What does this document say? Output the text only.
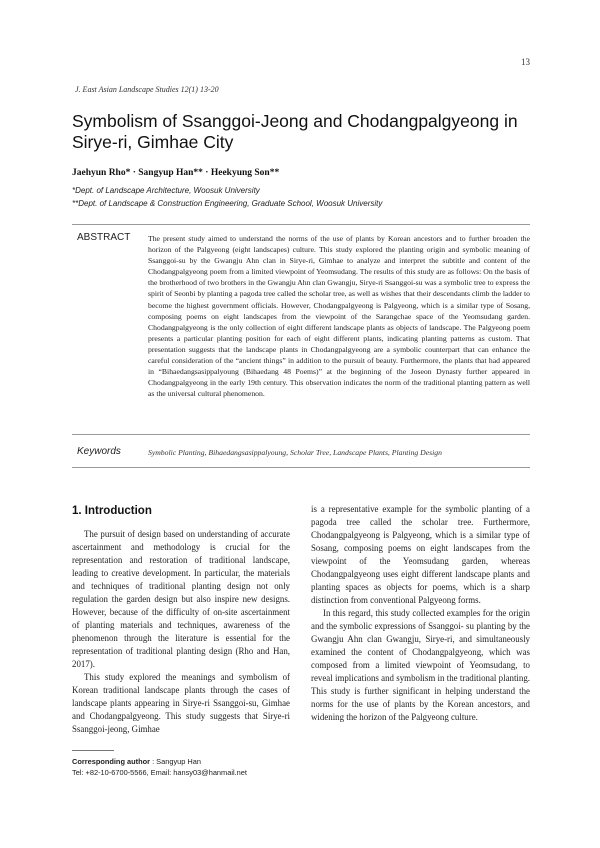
13
J. East Asian Landscape Studies 12(1) 13-20
Symbolism of Ssanggoi-Jeong and Chodangpalgyeong in Sirye-ri, Gimhae City
Jaehyun Rho* · Sangyup Han** · Heekyung Son**
*Dept. of Landscape Architecture, Woosuk University
**Dept. of Landscape & Construction Engineering, Graduate School, Woosuk University
ABSTRACT The present study aimed to understand the norms of the use of plants by Korean ancestors and to further broaden the horizon of the Palgyeong (eight landscapes) culture. This study explored the planting origin and symbolic meaning of Ssanggoi-su by the Gwangju Ahn clan in Sirye-ri, Gimhae to analyze and interpret the subtitle and content of the Chodangpalgyeong poem from a limited viewpoint of Yeomsudang. The results of this study are as follows: On the basis of the brotherhood of two brothers in the Gwangju Ahn clan Gwangju, Sirye-ri Ssanggoi-su was a symbolic tree to express the spirit of Seonbi by planting a pagoda tree called the scholar tree, as well as wishes that their descendants climb the ladder to become the highest government officials. However, Chodangpalgyeong is Palgyeong, which is a similar type of Sosang, composing poems on eight landscapes from the viewpoint of the Sarangchae space of the Yeomsudang garden. Chodangpalgyeong is the only collection of eight different landscape plants as objects of landscape. The Palgyeong poem presents a particular planting position for each of eight different plants, indicating planting patterns as custom. That presentation suggests that the landscape plants in Chodangpalgyeong are a symbolic counterpart that can enhance the careful consideration of the “ancient things” in addition to the pursuit of beauty. Furthermore, the plants that had appeared in “Bihaedangsasippalyoung (Bihaedang 48 Poems)” at the beginning of the Joseon Dynasty further appeared in Chodangpalgyeong in the early 19th century. This observation indicates the norm of the traditional planting pattern as well as the universal cultural phenomenon.

Keywords	Symbolic Planting, Bihaedangsasippalyoung, Scholar Tree, Landscape Plants, Planting Design
1. Introduction

The pursuit of design based on understanding of accurate ascertainment and methodology is crucial for the representation and restoration of traditional landscape, leading to creative development. In particular, the materials and techniques of traditional planting design not only regulation the garden design but also inspire new designs. However, because of the difficulty of on-site ascertainment of planting materials and techniques, awareness of the phenomenon through the literature is essential for the representation of traditional planting design (Rho and Han, 2017).

This study explored the meanings and symbolism of Korean traditional landscape plants through the cases of landscape plants appearing in Sirye-ri Ssanggoi-su, Gimhae and Chodangpalgyeong. This study suggests that Sirye-ri Ssanggoi-jeong, Gimhae

is a representative example for the symbolic planting of a pagoda tree called the scholar tree. Furthermore, Chodangpalgyeong is Palgyeong, which is a similar type of Sosang, composing poems on eight landscapes from the viewpoint of the Yeomsudang garden, whereas Chodangpalgyeong uses eight different landscape plants and planting spaces as objects for poems, which is a sharp distinction from conventional Palgyeong forms.

In this regard, this study collected examples for the origin and the symbolic expressions of Ssanggoi- su planting by the Gwangju Ahn clan Gwangju, Sirye-ri, and simultaneously examined the content of Chodangpalgyeong, which was composed from a limited viewpoint of Yeomsudang, to reveal implications and symbolism in the traditional planting. This study is further significant in helping understand the norms for the use of plants by the Korean ancestors, and widening the horizon of the Palgyeong culture.

Corresponding author : Sangyup Han
Tel: +82-10-6700-5566, Email: hansy03@hanmail.net
